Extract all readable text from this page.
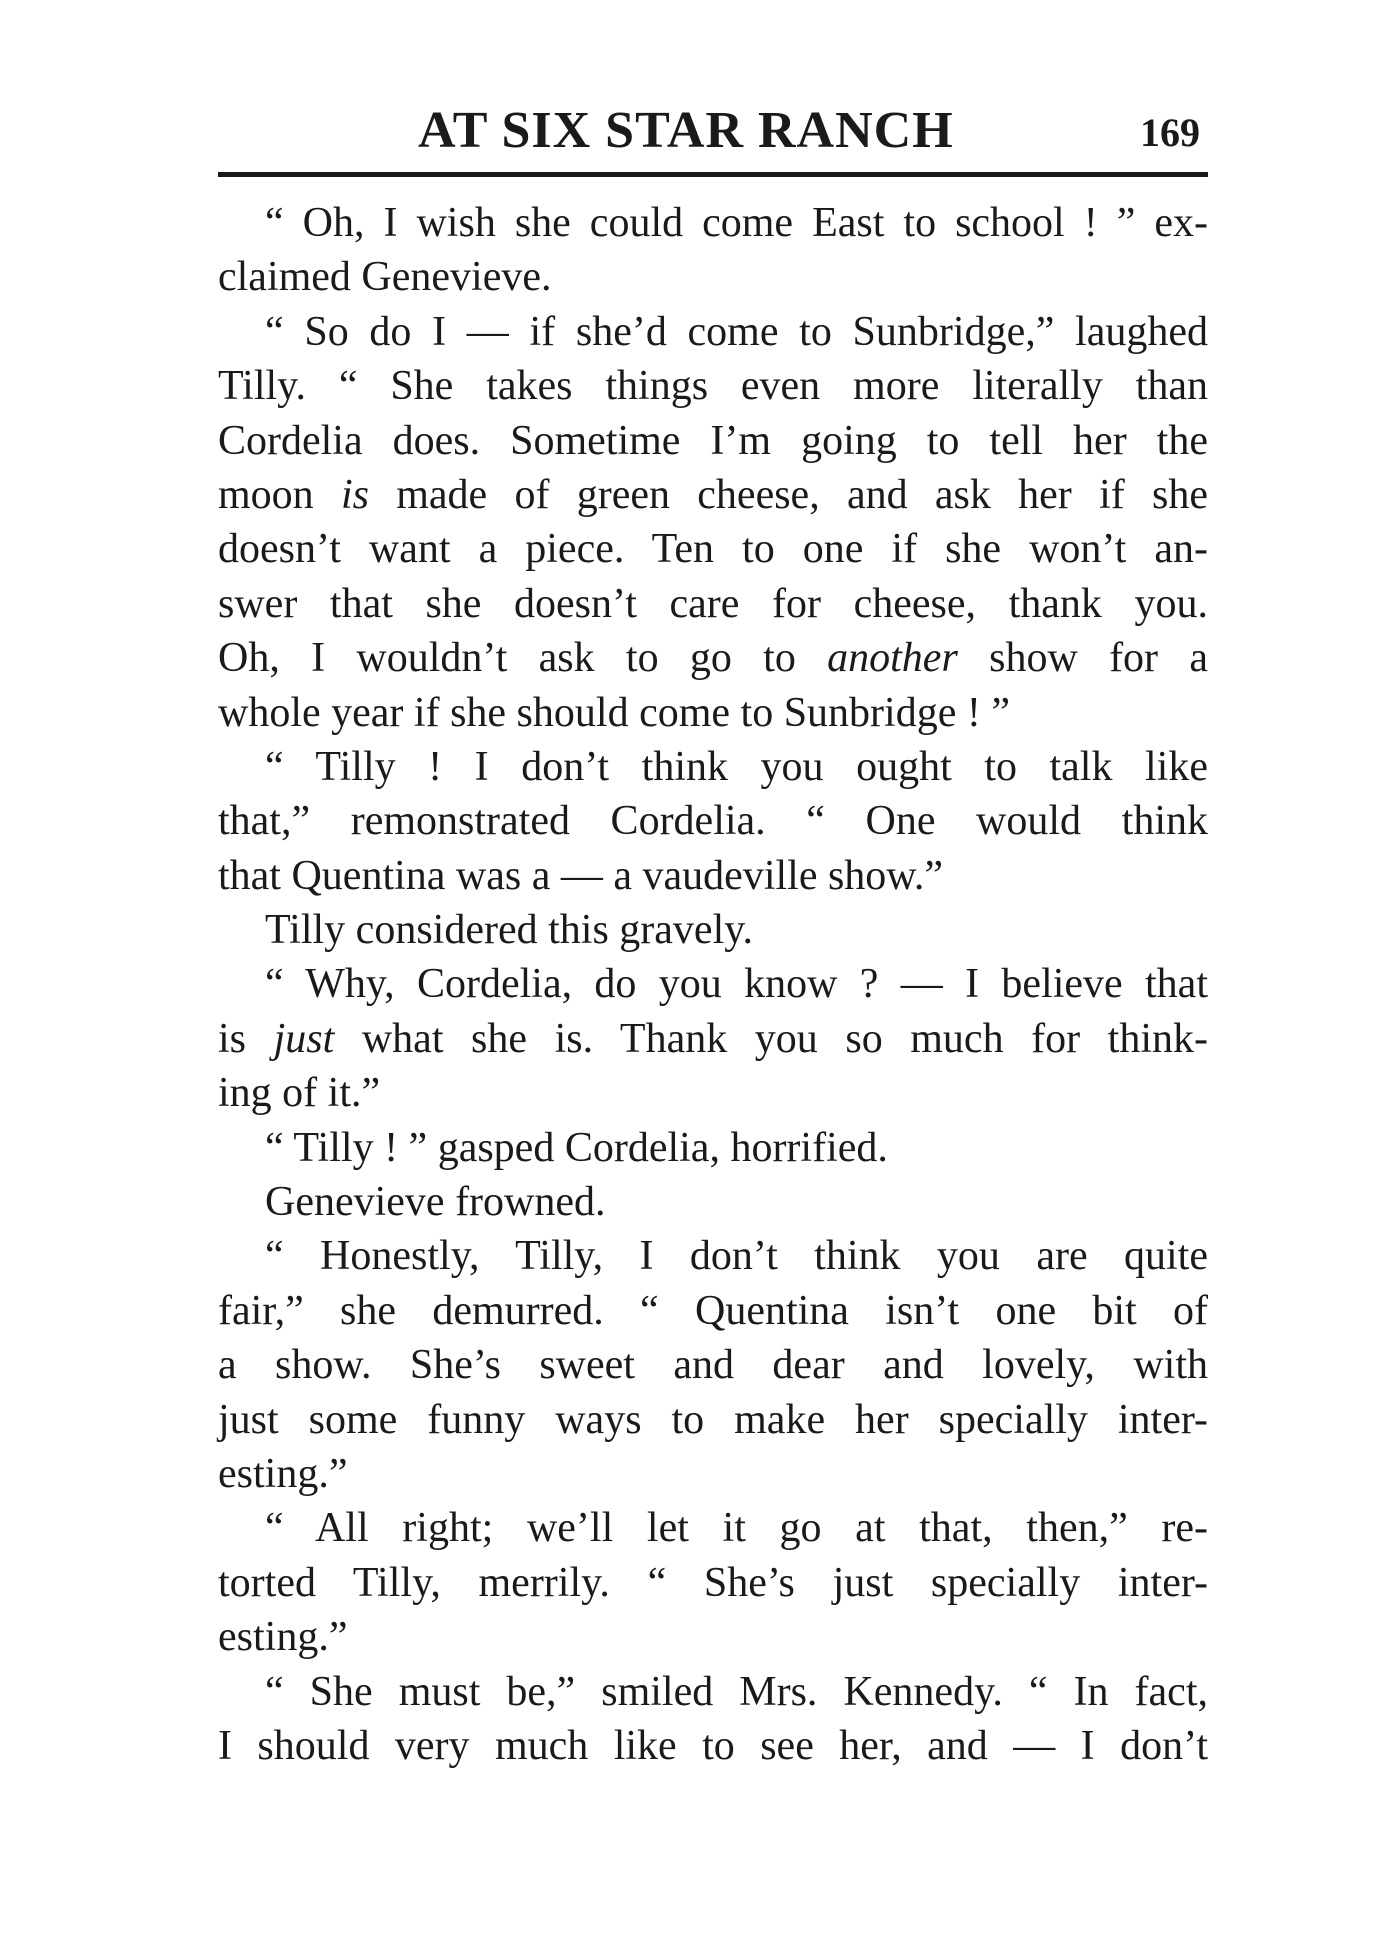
AT SIX STAR RANCH	169
“ Oh, I wish she could come East to school ! ” ex-
claimed Genevieve.
“ So do I — if she’d come to Sunbridge,” laughed
Tilly. “ She takes things even more literally than
Cordelia does. Sometime I’m going to tell her the
moon is made of green cheese, and ask her if she
doesn’t want a piece. Ten to one if she won’t an-
swer that she doesn’t care for cheese, thank you.
Oh, I wouldn’t ask to go to another show for a
whole year if she should come to Sunbridge ! ”
“ Tilly ! I don’t think you ought to talk like
that,” remonstrated Cordelia. “ One would think
that Quentina was a — a vaudeville show.”
Tilly considered this gravely.
“ Why, Cordelia, do you know ? — I believe that
is just what she is. Thank you so much for think-
ing of it.”
“ Tilly ! ” gasped Cordelia, horrified.
Genevieve frowned.
“ Honestly, Tilly, I don’t think you are quite
fair,” she demurred. “ Quentina isn’t one bit of
a show. She’s sweet and dear and lovely, with
just some funny ways to make her specially inter-
esting.”
“ All right; we’ll let it go at that, then,” re-
torted Tilly, merrily. “ She’s just specially inter-
esting.”
“ She must be,” smiled Mrs. Kennedy. “ In fact,
I should very much like to see her, and — I don’t
